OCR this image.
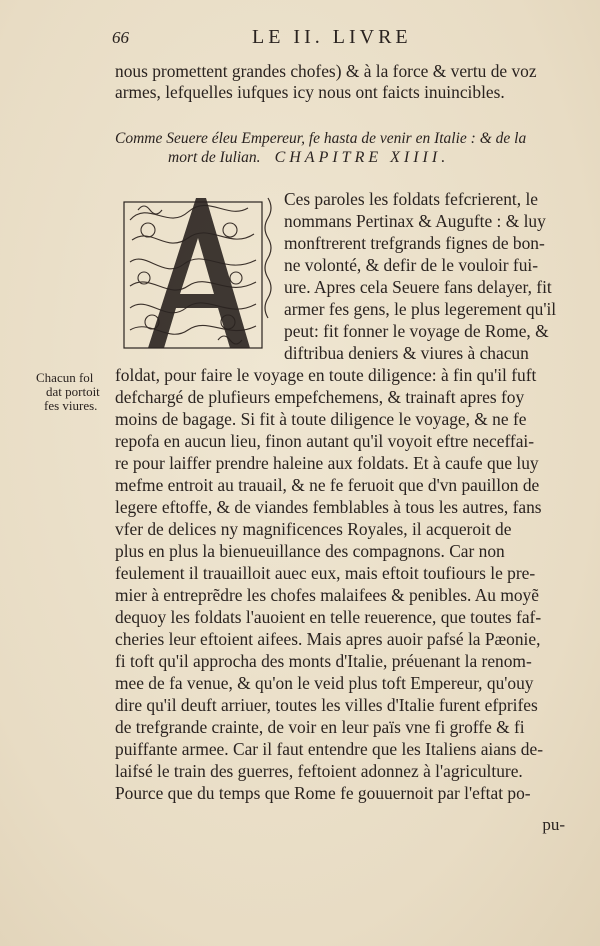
66	LE II. LIVRE
nous promettent grandes chofes) & à la force & vertu de voz
armes, lefquelles iufques icy nous ont faicts inuincibles.
Comme Seuere éleu Empereur, fe hasta de venir en Italie : & de la
mort de Iulian. CHAPITRE XIIII.
Ces paroles les foldats fefcrierent, le
nommans Pertinax & Augufte : & luy
monftrerent trefgrands fignes de bon-
ne volonté, & defir de le vouloir fui-
ure. Apres cela Seuere fans delayer, fit
armer fes gens, le plus legerement qu'il
peut: fit fonner le voyage de Rome, &
diftribua deniers & viures à chacun
Chacun fol
dat portoit
fes viures.
foldat, pour faire le voyage en toute diligence: à fin qu'il fuft
defchargé de plufieurs empefchemens, & trainaft apres foy
moins de bagage. Si fit à toute diligence le voyage, & ne fe
repofa en aucun lieu, finon autant qu'il voyoit eftre neceffai-
re pour laiffer prendre haleine aux foldats. Et à caufe que luy
mefme entroit au trauail, & ne fe feruoit que d'vn pauillon de
legere eftoffe, & de viandes femblables à tous les autres, fans
vfer de delices ny magnificences Royales, il acqueroit de
plus en plus la bienueuillance des compagnons. Car non
feulement il trauailloit auec eux, mais eftoit toufiours le pre-
mier à entreprẽdre les chofes malaifees & penibles. Au moyẽ
dequoy les foldats l'auoient en telle reuerence, que toutes faf-
cheries leur eftoient aifees. Mais apres auoir pafsé la Pæonie,
fi toft qu'il approcha des monts d'Italie, préuenant la renom-
mee de fa venue, & qu'on le veid plus toft Empereur, qu'ouy
dire qu'il deuft arriuer, toutes les villes d'Italie furent efprifes
de trefgrande crainte, de voir en leur païs vne fi groffe & fi
puiffante armee. Car il faut entendre que les Italiens aians de-
laifsé le train des guerres, feftoient adonnez à l'agriculture.
Pource que du temps que Rome fe gouuernoit par l'eftat po-
pu-
